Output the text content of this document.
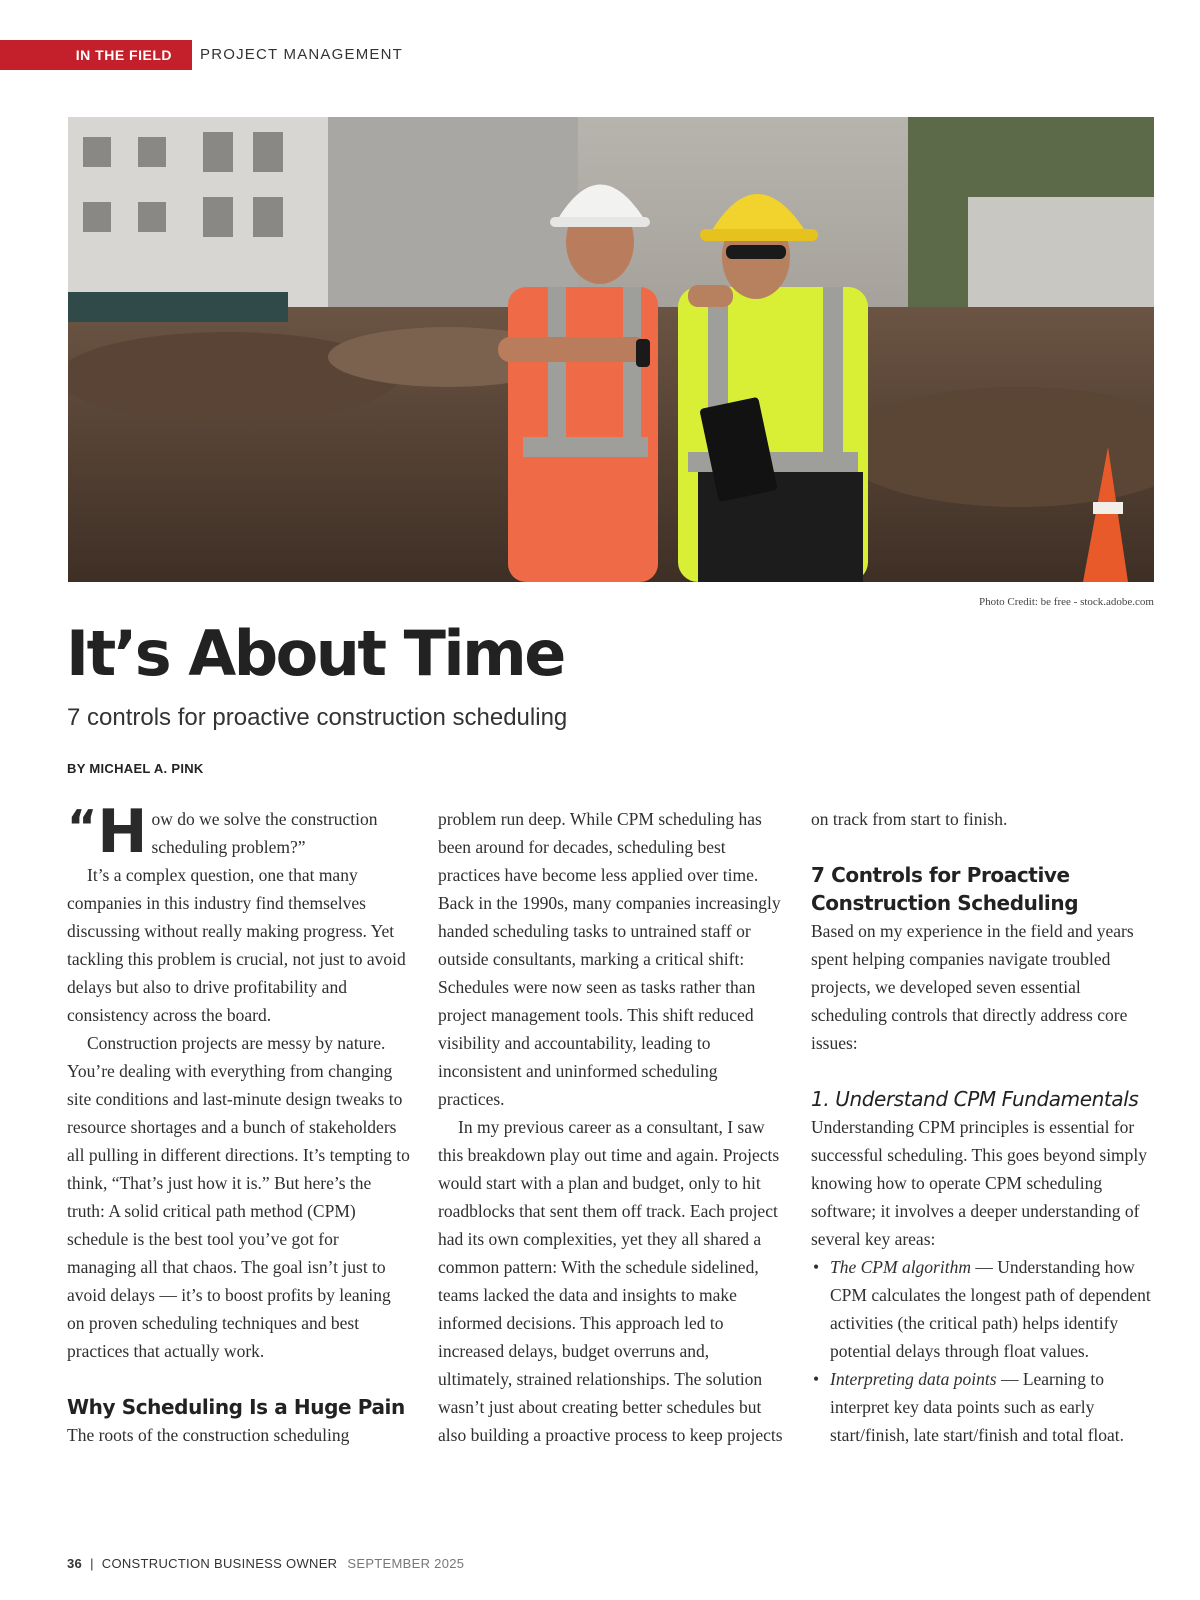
IN THE FIELD PROJECT MANAGEMENT
Photo Credit: be free - stock.adobe.com
It’s About Time
7 controls for proactive construction scheduling
BY MICHAEL A. PINK

“ H ow do we solve the construction scheduling problem?”

It’s a complex question, one that many companies in this industry find themselves discussing without really making progress. Yet tackling this problem is crucial, not just to avoid delays but also to drive profitability and consistency across the board.

Construction projects are messy by nature. You’re dealing with everything from changing site conditions and last-minute design tweaks to resource shortages and a bunch of stakeholders all pulling in different directions. It’s tempting to think, “That’s just how it is.” But here’s the truth: A solid critical path method (CPM) schedule is the best tool you’ve got for managing all that chaos. The goal isn’t just to avoid delays — it’s to boost profits by leaning on proven scheduling techniques and best practices that actually work.

Why Scheduling Is a Huge Pain

The roots of the construction scheduling

problem run deep. While CPM scheduling has been around for decades, scheduling best practices have become less applied over time. Back in the 1990s, many companies increasingly handed scheduling tasks to untrained staff or outside consultants, marking a critical shift: Schedules were now seen as tasks rather than project management tools. This shift reduced visibility and accountability, leading to inconsistent and uninformed scheduling practices.

In my previous career as a consultant, I saw this breakdown play out time and again. Projects would start with a plan and budget, only to hit roadblocks that sent them off track. Each project had its own complexities, yet they all shared a common pattern: With the schedule sidelined, teams lacked the data and insights to make informed decisions. This approach led to increased delays, budget overruns and, ultimately, strained relationships. The solution wasn’t just about creating better schedules but also building a proactive process to keep projects

on track from start to finish.

7 Controls for Proactive Construction Scheduling

Based on my experience in the field and years spent helping companies navigate troubled projects, we developed seven essential scheduling controls that directly address core issues:

1. Understand CPM Fundamentals

Understanding CPM principles is essential for successful scheduling. This goes beyond simply knowing how to operate CPM scheduling software; it involves a deeper understanding of several key areas:

• The CPM algorithm — Understanding how CPM calculates the longest path of dependent activities (the critical path) helps identify potential delays through float values.
• Interpreting data points — Learning to interpret key data points such as early start/finish, late start/finish and total float.
36 | CONSTRUCTION BUSINESS OWNER SEPTEMBER 2025
